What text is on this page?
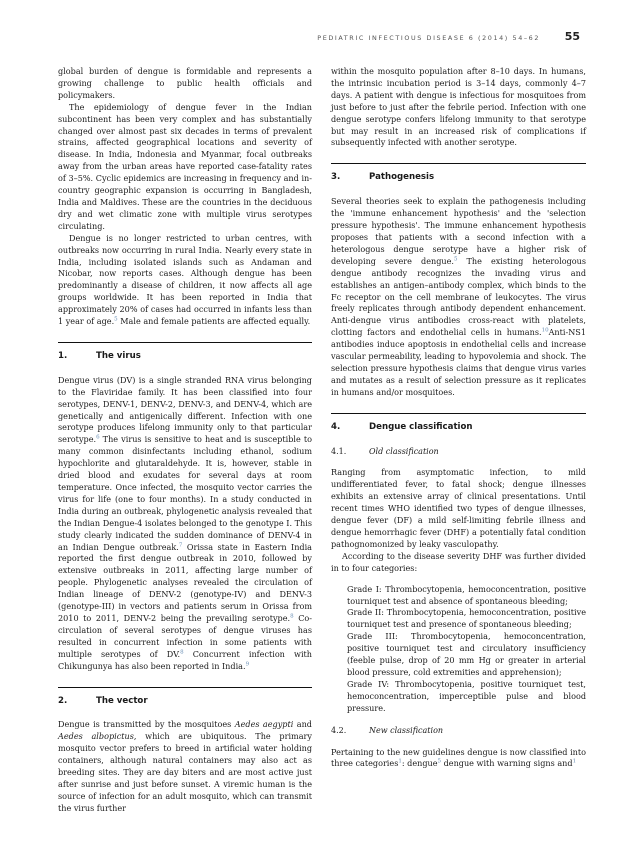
PEDIATRIC INFECTIOUS DISEASE 6 (2014) 54–62 55

global burden of dengue is formidable and represents a growing challenge to public health officials and policymakers.

The epidemiology of dengue fever in the Indian subcontinent has been very complex and has substantially changed over almost past six decades in terms of prevalent strains, affected geographical locations and severity of disease. In India, Indonesia and Myanmar, focal outbreaks away from the urban areas have reported case-fatality rates of 3–5%. Cyclic epidemics are increasing in frequency and in-country geographic expansion is occurring in Bangladesh, India and Maldives. These are the countries in the deciduous dry and wet climatic zone with multiple virus serotypes circulating.

Dengue is no longer restricted to urban centres, with outbreaks now occurring in rural India. Nearly every state in India, including isolated islands such as Andaman and Nicobar, now reports cases. Although dengue has been predominantly a disease of children, it now affects all age groups worldwide. It has been reported in India that approximately 20% of cases had occurred in infants less than 1 year of age.$^5$ Male and female patients are affected equally.

1.	The virus

Dengue virus (DV) is a single stranded RNA virus belonging to the Flaviridae family. It has been classified into four serotypes, DENV-1, DENV-2, DENV-3, and DENV-4, which are genetically and antigenically different. Infection with one serotype produces lifelong immunity only to that particular serotype.$^6$ The virus is sensitive to heat and is susceptible to many common disinfectants including ethanol, sodium hypochlorite and glutaraldehyde. It is, however, stable in dried blood and exudates for several days at room temperature. Once infected, the mosquito vector carries the virus for life (one to four months). In a study conducted in India during an outbreak, phylogenetic analysis revealed that the Indian Dengue-4 isolates belonged to the genotype I. This study clearly indicated the sudden dominance of DENV-4 in an Indian Dengue outbreak.$^7$ Orissa state in Eastern India reported the first dengue outbreak in 2010, followed by extensive outbreaks in 2011, affecting large number of people. Phylogenetic analyses revealed the circulation of Indian lineage of DENV-2 (genotype-IV) and DENV-3 (genotype-III) in vectors and patients serum in Orissa from 2010 to 2011, DENV-2 being the prevailing serotype.$^8$ Co-circulation of several serotypes of dengue viruses has resulted in concurrent infection in some patients with multiple serotypes of DV.$^8$ Concurrent infection with Chikungunya has also been reported in India.$^9$

2.	The vector

Dengue is transmitted by the mosquitoes Aedes aegypti and Aedes albopictus, which are ubiquitous. The primary mosquito vector prefers to breed in artificial water holding containers, although natural containers may also act as breeding sites. They are day biters and are most active just after sunrise and just before sunset. A viremic human is the source of infection for an adult mosquito, which can transmit the virus further

within the mosquito population after 8–10 days. In humans, the intrinsic incubation period is 3–14 days, commonly 4–7 days. A patient with dengue is infectious for mosquitoes from just before to just after the febrile period. Infection with one dengue serotype confers lifelong immunity to that serotype but may result in an increased risk of complications if subsequently infected with another serotype.

3.	Pathogenesis

Several theories seek to explain the pathogenesis including the 'immune enhancement hypothesis' and the 'selection pressure hypothesis'. The immune enhancement hypothesis proposes that patients with a second infection with a heterologous dengue serotype have a higher risk of developing severe dengue.$^5$ The existing heterologous dengue antibody recognizes the invading virus and establishes an antigen–antibody complex, which binds to the Fc receptor on the cell membrane of leukocytes. The virus freely replicates through antibody dependent enhancement. Anti-dengue virus antibodies cross-react with platelets, clotting factors and endothelial cells in humans.$^{10}$Anti-NS1 antibodies induce apoptosis in endothelial cells and increase vascular permeability, leading to hypovolemia and shock. The selection pressure hypothesis claims that dengue virus varies and mutates as a result of selection pressure as it replicates in humans and/or mosquitoes.

4.	Dengue classification
4.1.	Old classification

Ranging from asymptomatic infection, to mild undifferentiated fever, to fatal shock; dengue illnesses exhibits an extensive array of clinical presentations. Until recent times WHO identified two types of dengue illnesses, dengue fever (DF) a mild self-limiting febrile illness and dengue hemorrhagic fever (DHF) a potentially fatal condition pathognomonized by leaky vasculopathy.

According to the disease severity DHF was further divided in to four categories:

Grade I: Thrombocytopenia, hemoconcentration, positive tourniquet test and absence of spontaneous bleeding;

Grade II: Thrombocytopenia, hemoconcentration, positive tourniquet test and presence of spontaneous bleeding;

Grade III: Thrombocytopenia, hemoconcentration, positive tourniquet test and circulatory insufficiency (feeble pulse, drop of 20 mm Hg or greater in arterial blood pressure, cold extremities and apprehension);

Grade IV: Thrombocytopenia, positive tourniquet test, hemoconcentration, imperceptible pulse and blood pressure.

4.2.	New classification

Pertaining to the new guidelines dengue is now classified into three categories$^1$: dengue$^5$ dengue with warning signs and$^1$
